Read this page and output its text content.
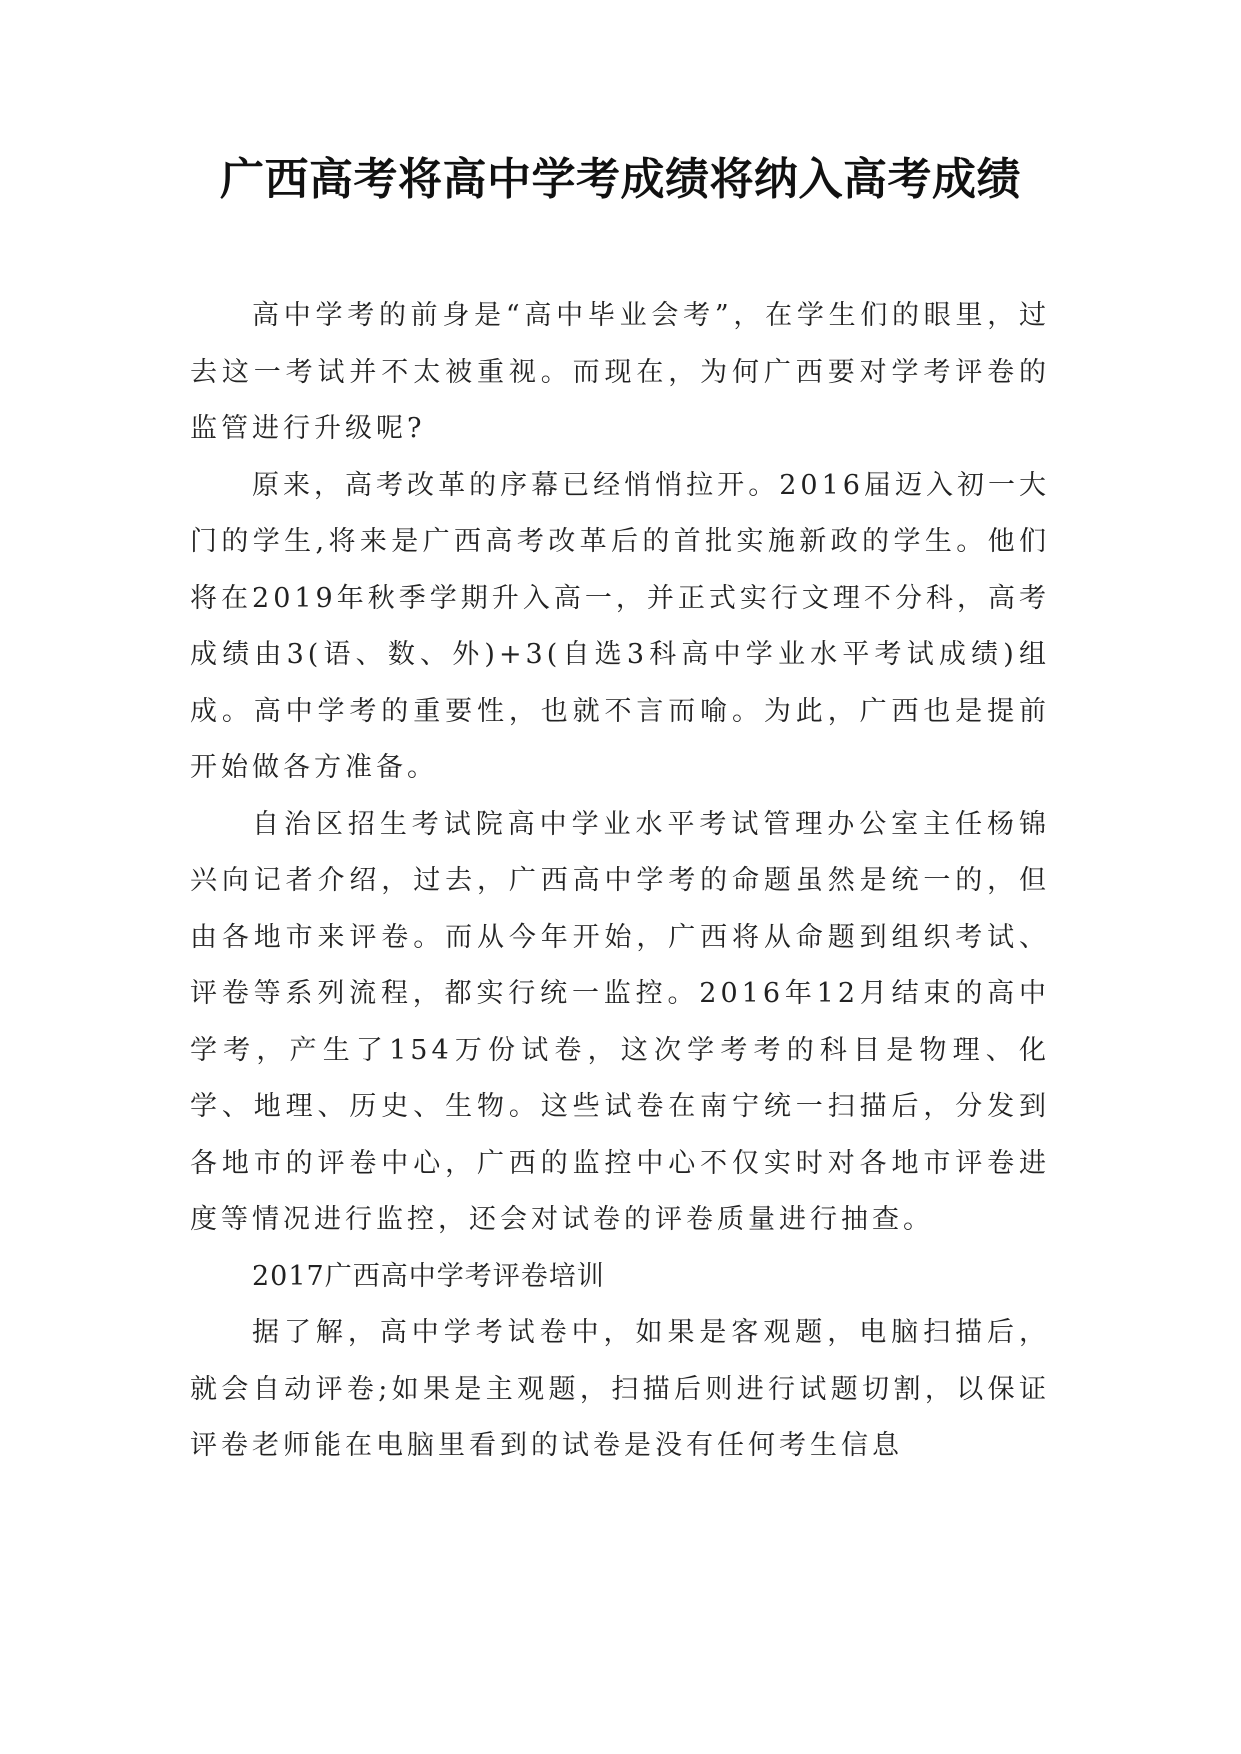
广西高考将高中学考成绩将纳入高考成绩

高中学考的前身是“高中毕业会考”，在学生们的眼里，过去这一考试并不太被重视。而现在，为何广西要对学考评卷的监管进行升级呢?

原来，高考改革的序幕已经悄悄拉开。2016届迈入初一大门的学生,将来是广西高考改革后的首批实施新政的学生。他们将在2019年秋季学期升入高一，并正式实行文理不分科，高考成绩由3(语、数、外)+3(自选3科高中学业水平考试成绩)组成。高中学考的重要性，也就不言而喻。为此，广西也是提前开始做各方准备。

自治区招生考试院高中学业水平考试管理办公室主任杨锦兴向记者介绍，过去，广西高中学考的命题虽然是统一的，但由各地市来评卷。而从今年开始，广西将从命题到组织考试、评卷等系列流程，都实行统一监控。2016年12月结束的高中学考，产生了154万份试卷，这次学考考的科目是物理、化学、地理、历史、生物。这些试卷在南宁统一扫描后，分发到各地市的评卷中心，广西的监控中心不仅实时对各地市评卷进度等情况进行监控，还会对试卷的评卷质量进行抽查。

2017广西高中学考评卷培训

据了解，高中学考试卷中，如果是客观题，电脑扫描后，就会自动评卷;如果是主观题，扫描后则进行试题切割，以保证评卷老师能在电脑里看到的试卷是没有任何考生信息
